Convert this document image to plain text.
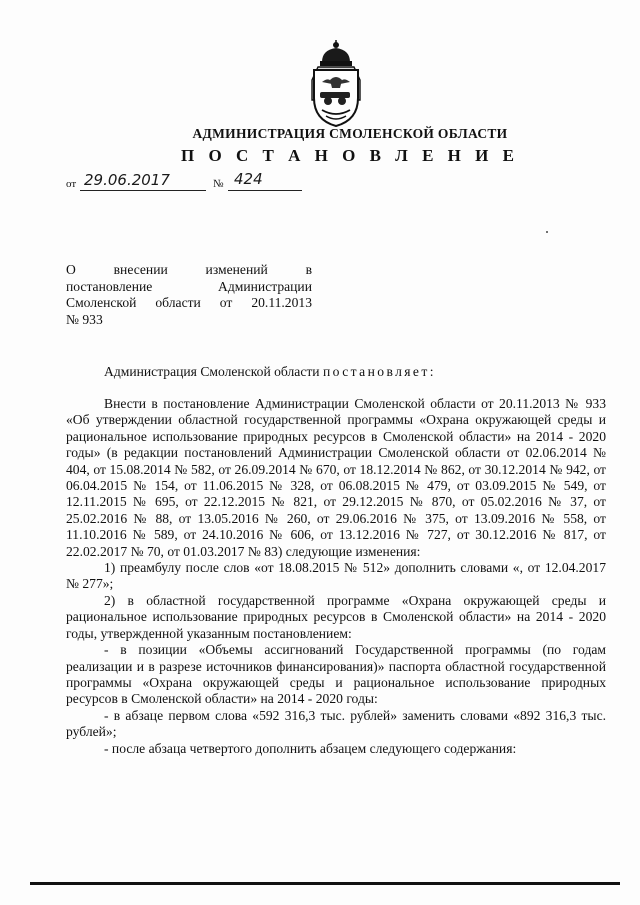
АДМИНИСТРАЦИЯ СМОЛЕНСКОЙ ОБЛАСТИ
П О С Т А Н О В Л Е Н И Е
от 29.06.2017	№ 424
О	внесении	изменений	в
постановление	Администрации
Смоленской области от 20.11.2013
№ 933
Администрация Смоленской области постановляет:

Внести в постановление Администрации Смоленской области от 20.11.2013 № 933 «Об утверждении областной государственной программы «Охрана окружающей среды и рациональное использование природных ресурсов в Смоленской области» на 2014 - 2020 годы» (в редакции постановлений Администрации Смоленской области от 02.06.2014 № 404, от 15.08.2014 № 582, от 26.09.2014 № 670, от 18.12.2014 № 862, от 30.12.2014 № 942, от 06.04.2015 № 154, от 11.06.2015 № 328, от 06.08.2015 № 479, от 03.09.2015 № 549, от 12.11.2015 № 695, от 22.12.2015 № 821, от 29.12.2015 № 870, от 05.02.2016 № 37, от 25.02.2016 № 88, от 13.05.2016 № 260, от 29.06.2016 № 375, от 13.09.2016 № 558, от 11.10.2016 № 589, от 24.10.2016 № 606, от 13.12.2016 № 727, от 30.12.2016 № 817, от 22.02.2017 № 70, от 01.03.2017 № 83) следующие изменения:

1) преамбулу после слов «от 18.08.2015 № 512» дополнить словами «, от 12.04.2017 № 277»;

2) в областной государственной программе «Охрана окружающей среды и рациональное использование природных ресурсов в Смоленской области» на 2014 - 2020 годы, утвержденной указанным постановлением:

- в позиции «Объемы ассигнований Государственной программы (по годам реализации и в разрезе источников финансирования)» паспорта областной государственной программы «Охрана окружающей среды и рациональное использование природных ресурсов в Смоленской области» на 2014 - 2020 годы:

- в абзаце первом слова «592 316,3 тыс. рублей» заменить словами «892 316,3 тыс. рублей»;

- после абзаца четвертого дополнить абзацем следующего содержания:
